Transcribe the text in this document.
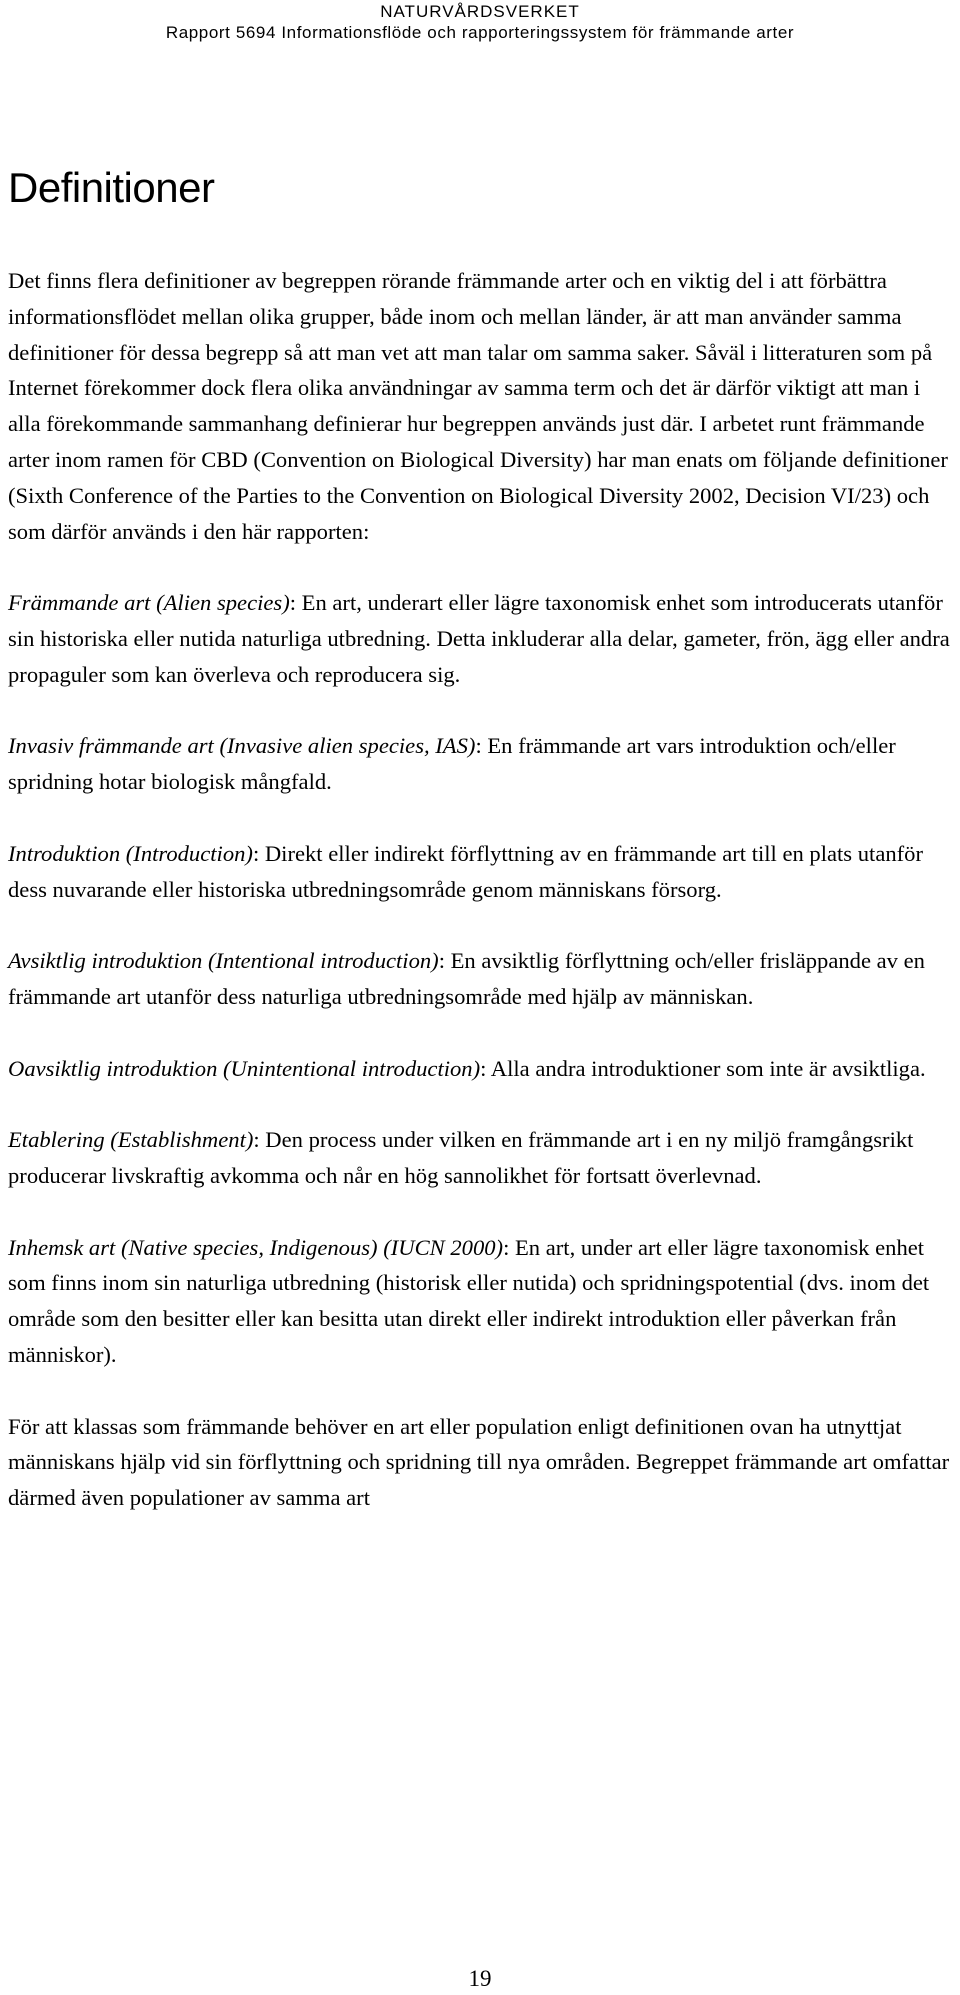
NATURVÅRDSVERKET
Rapport 5694 Informationsflöde och rapporteringssystem för främmande arter
Definitioner

Det finns flera definitioner av begreppen rörande främmande arter och en viktig del i att förbättra informationsflödet mellan olika grupper, både inom och mellan länder, är att man använder samma definitioner för dessa begrepp så att man vet att man talar om samma saker. Såväl i litteraturen som på Internet förekommer dock flera olika användningar av samma term och det är därför viktigt att man i alla förekommande sammanhang definierar hur begreppen används just där. I arbetet runt främmande arter inom ramen för CBD (Convention on Biological Diversity) har man enats om följande definitioner (Sixth Conference of the Parties to the Convention on Biological Diversity 2002, Decision VI/23) och som därför används i den här rapporten:

Främmande art (Alien species): En art, underart eller lägre taxonomisk enhet som introducerats utanför sin historiska eller nutida naturliga utbredning. Detta inkluderar alla delar, gameter, frön, ägg eller andra propaguler som kan överleva och reproducera sig.

Invasiv främmande art (Invasive alien species, IAS): En främmande art vars introduktion och/eller spridning hotar biologisk mångfald.

Introduktion (Introduction): Direkt eller indirekt förflyttning av en främmande art till en plats utanför dess nuvarande eller historiska utbredningsområde genom människans försorg.

Avsiktlig introduktion (Intentional introduction): En avsiktlig förflyttning och/eller frisläppande av en främmande art utanför dess naturliga utbredningsområde med hjälp av människan.

Oavsiktlig introduktion (Unintentional introduction): Alla andra introduktioner som inte är avsiktliga.

Etablering (Establishment): Den process under vilken en främmande art i en ny miljö framgångsrikt producerar livskraftig avkomma och når en hög sannolikhet för fortsatt överlevnad.

Inhemsk art (Native species, Indigenous) (IUCN 2000): En art, under art eller lägre taxonomisk enhet som finns inom sin naturliga utbredning (historisk eller nutida) och spridningspotential (dvs. inom det område som den besitter eller kan besitta utan direkt eller indirekt introduktion eller påverkan från människor).

För att klassas som främmande behöver en art eller population enligt definitionen ovan ha utnyttjat människans hjälp vid sin förflyttning och spridning till nya områden. Begreppet främmande art omfattar därmed även populationer av samma art

19
